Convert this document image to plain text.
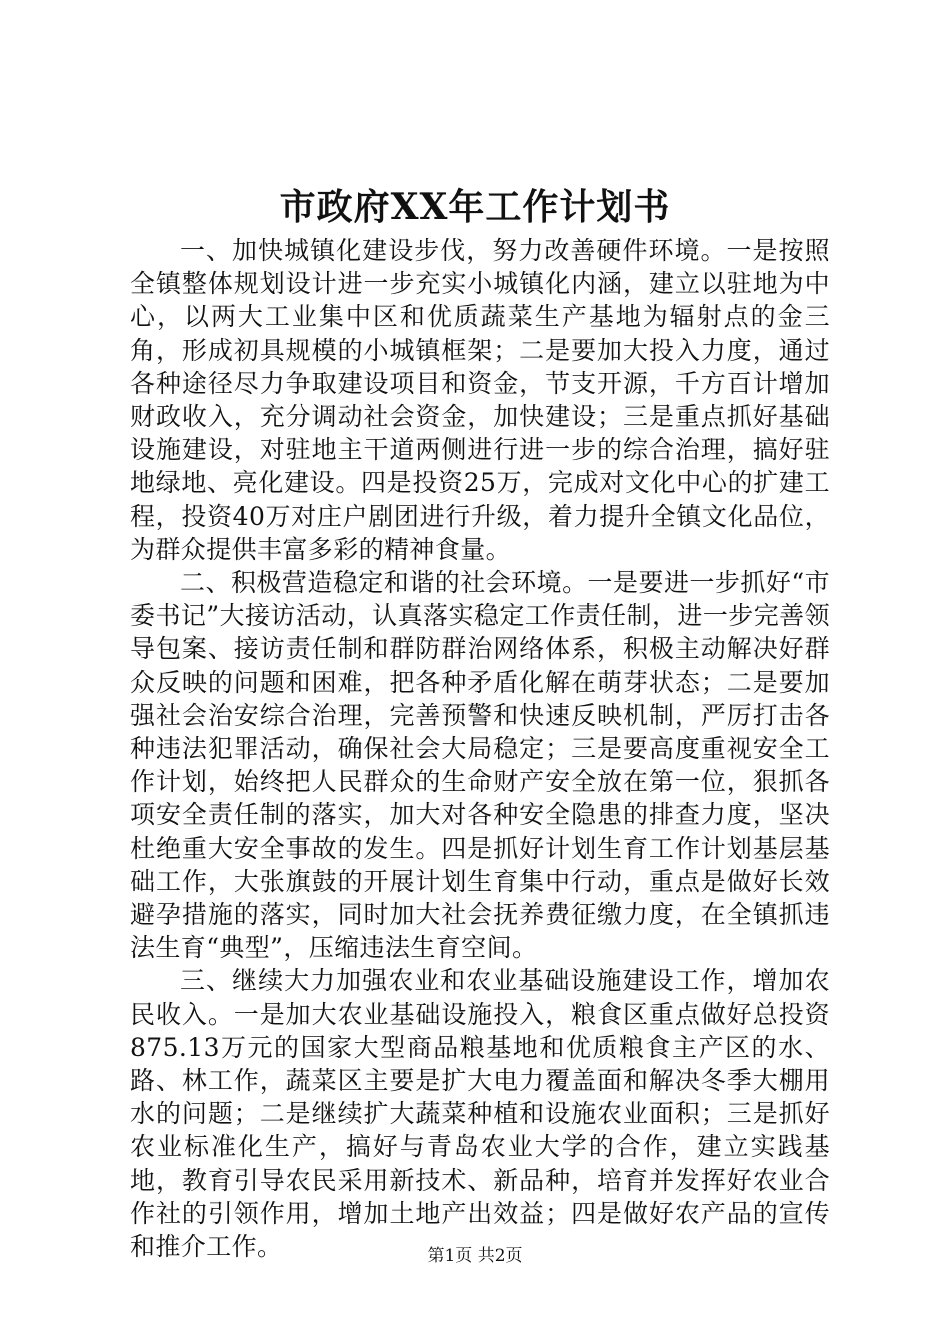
市政府XX年工作计划书

一、加快城镇化建设步伐，努力改善硬件环境。一是按照全镇整体规划设计进一步充实小城镇化内涵，建立以驻地为中心，以两大工业集中区和优质蔬菜生产基地为辐射点的金三角，形成初具规模的小城镇框架；二是要加大投入力度，通过各种途径尽力争取建设项目和资金，节支开源，千方百计增加财政收入，充分调动社会资金，加快建设；三是重点抓好基础设施建设，对驻地主干道两侧进行进一步的综合治理，搞好驻地绿地、亮化建设。四是投资25万，完成对文化中心的扩建工程，投资40万对庄户剧团进行升级，着力提升全镇文化品位，为群众提供丰富多彩的精神食量。

二、积极营造稳定和谐的社会环境。一是要进一步抓好“市委书记”大接访活动，认真落实稳定工作责任制，进一步完善领导包案、接访责任制和群防群治网络体系，积极主动解决好群众反映的问题和困难，把各种矛盾化解在萌芽状态；二是要加强社会治安综合治理，完善预警和快速反映机制，严厉打击各种违法犯罪活动，确保社会大局稳定；三是要高度重视安全工作计划，始终把人民群众的生命财产安全放在第一位，狠抓各项安全责任制的落实，加大对各种安全隐患的排查力度，坚决杜绝重大安全事故的发生。四是抓好计划生育工作计划基层基础工作，大张旗鼓的开展计划生育集中行动，重点是做好长效避孕措施的落实，同时加大社会抚养费征缴力度，在全镇抓违法生育“典型”，压缩违法生育空间。

三、继续大力加强农业和农业基础设施建设工作，增加农民收入。一是加大农业基础设施投入，粮食区重点做好总投资875.13万元的国家大型商品粮基地和优质粮食主产区的水、路、林工作，蔬菜区主要是扩大电力覆盖面和解决冬季大棚用水的问题；二是继续扩大蔬菜种植和设施农业面积；三是抓好农业标准化生产，搞好与青岛农业大学的合作，建立实践基地，教育引导农民采用新技术、新品种，培育并发挥好农业合作社的引领作用，增加土地产出效益；四是做好农产品的宣传和推介工作。	第1页 共2页
